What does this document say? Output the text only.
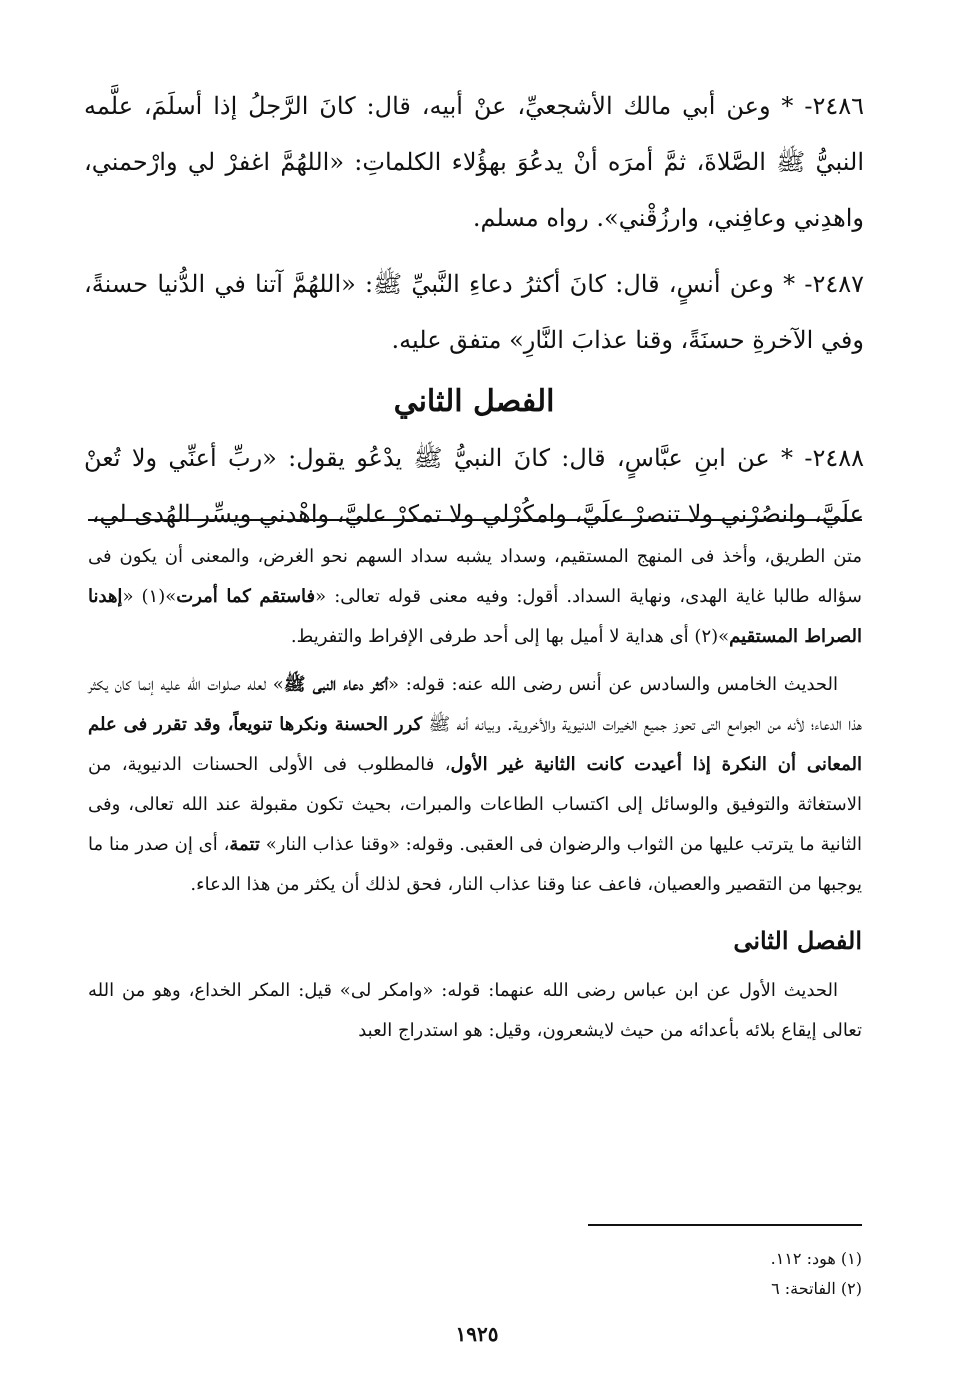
٢٤٨٦- * وعن أبي مالك الأشجعيِّ، عنْ أبيه، قال: كانَ الرَّجلُ إذا أسلَمَ، علَّمه النبيُّ ﷺ الصَّلاةَ، ثمَّ أمرَه أنْ يدعُوَ بهؤُلاء الكلماتِ: «اللهُمَّ اغفرْ لي وارْحمني، واهدِني وعافِني، وارزُقْني». رواه مسلم.

٢٤٨٧- * وعن أنسٍ، قال: كانَ أكثرُ دعاءِ النَّبيِّ ﷺ: «اللهُمَّ آتنا في الدُّنيا حسنةً، وفي الآخرةِ حسنَةً، وقنا عذابَ النَّارِ» متفق عليه.

الفصل الثاني

٢٤٨٨- * عن ابنِ عبَّاسٍ، قال: كانَ النبيُّ ﷺ يدْعُو يقول: «ربِّ أعنِّي ولا تُعنْ علَيَّ، وانصُرْني ولا تنصرْ علَيَّ، وامكُرْلي ولا تمكرْ عليَّ، واهْدني ويسِّر الهُدى لي،

متن الطريق، وأخذ فى المنهج المستقيم، وسداد يشبه سداد السهم نحو الغرض، والمعنى أن يكون فى سؤاله طالبا غاية الهدى، ونهاية السداد. أقول: وفيه معنى قوله تعالى: «فاستقم كما أمرت»(١) «إهدنا الصراط المستقيم»(٢) أى هداية لا أميل بها إلى أحد طرفى الإفراط والتفريط.

الحديث الخامس والسادس عن أنس رضى الله عنه: قوله: «أكثر دعاء النبى ﷺ» لعله صلوات الله عليه إنما كان يكثر هذا الدعاء؛ لأنه من الجوامع التى تحوز جميع الخيرات الدنيوية والأخروية. وبيانه أنه ﷺ كرر الحسنة ونكرها تنويعاً، وقد تقرر فى علم المعانى أن النكرة إذا أعيدت كانت الثانية غير الأول، فالمطلوب فى الأولى الحسنات الدنيوية، من الاستغاثة والتوفيق والوسائل إلى اكتساب الطاعات والمبرات، بحيث تكون مقبولة عند الله تعالى، وفى الثانية ما يترتب عليها من الثواب والرضوان فى العقبى. وقوله: «وقنا عذاب النار» تتمة، أى إن صدر منا ما يوجبها من التقصير والعصيان، فاعف عنا وقنا عذاب النار، فحق لذلك أن يكثر من هذا الدعاء.

الفصل الثانى

الحديث الأول عن ابن عباس رضى الله عنهما: قوله: «وامكر لى» قيل: المكر الخداع، وهو من الله تعالى إيقاع بلائه بأعدائه من حيث لايشعرون، وقيل: هو استدراج العبد

(١) هود: ١١٢.
(٢) الفاتحة: ٦
١٩٢٥
